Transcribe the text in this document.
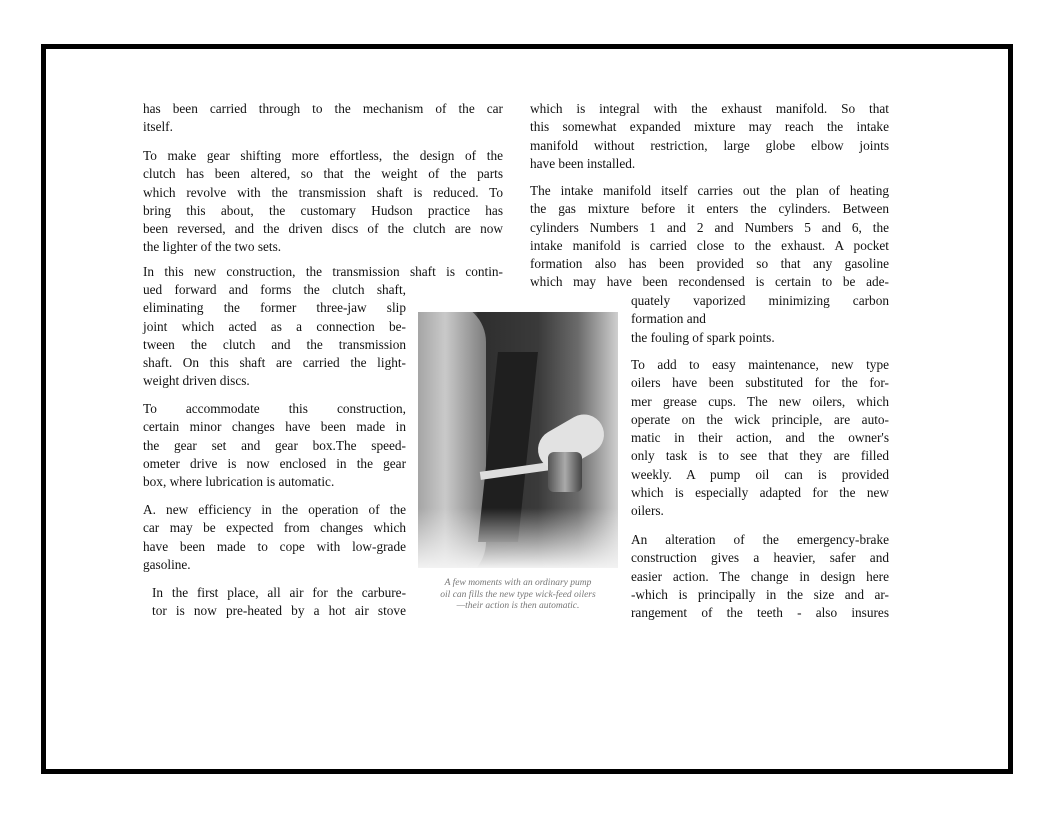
has been carried through to the mechanism of the car
itself.
To make gear shifting more effortless, the design of the
clutch has been altered, so that the weight of the parts
which revolve with the transmission shaft is reduced. To
bring this about, the customary Hudson practice has
been reversed, and the driven discs of the clutch are now
the lighter of the two sets.
In this new construction, the transmission shaft is contin-
ued forward and forms the clutch shaft,
eliminating the former three-jaw slip
joint which acted as a connection be-
tween the clutch and the transmission
shaft. On this shaft are carried the light-
weight driven discs.
To accommodate this construction,
certain minor changes have been made in
the gear set and gear box.The speed-
ometer drive is now enclosed in the gear
box, where lubrication is automatic.
A. new efficiency in the operation of the
car may be expected from changes which
have been made to cope with low-grade
gasoline.
In the first place, all air for the carbure-
tor is now pre-heated by a hot air stove
which is integral with the exhaust manifold. So that
this somewhat expanded mixture may reach the intake
manifold without restriction, large globe elbow joints
have been installed.
The intake manifold itself carries out the plan of heating
the gas mixture before it enters the cylinders. Between
cylinders Numbers 1 and 2 and Numbers 5 and 6, the
intake manifold is carried close to the exhaust. A pocket
formation also has been provided so that any gasoline
which may have been recondensed is certain to be ade-
quately vaporized minimizing carbon
formation and
the fouling of spark points.
To add to easy maintenance, new type
oilers have been substituted for the for-
mer grease cups. The new oilers, which
operate on the wick principle, are auto-
matic in their action, and the owner's
only task is to see that they are filled
weekly. A pump oil can is provided
which is especially adapted for the new
oilers.
An alteration of the emergency-brake
construction gives a heavier, safer and
easier action. The change in design here
-which is principally in the size and ar-
rangement of the teeth - also insures
A few moments with an ordinary pump
oil can fills the new type wick-feed oilers
—their action is then automatic.
